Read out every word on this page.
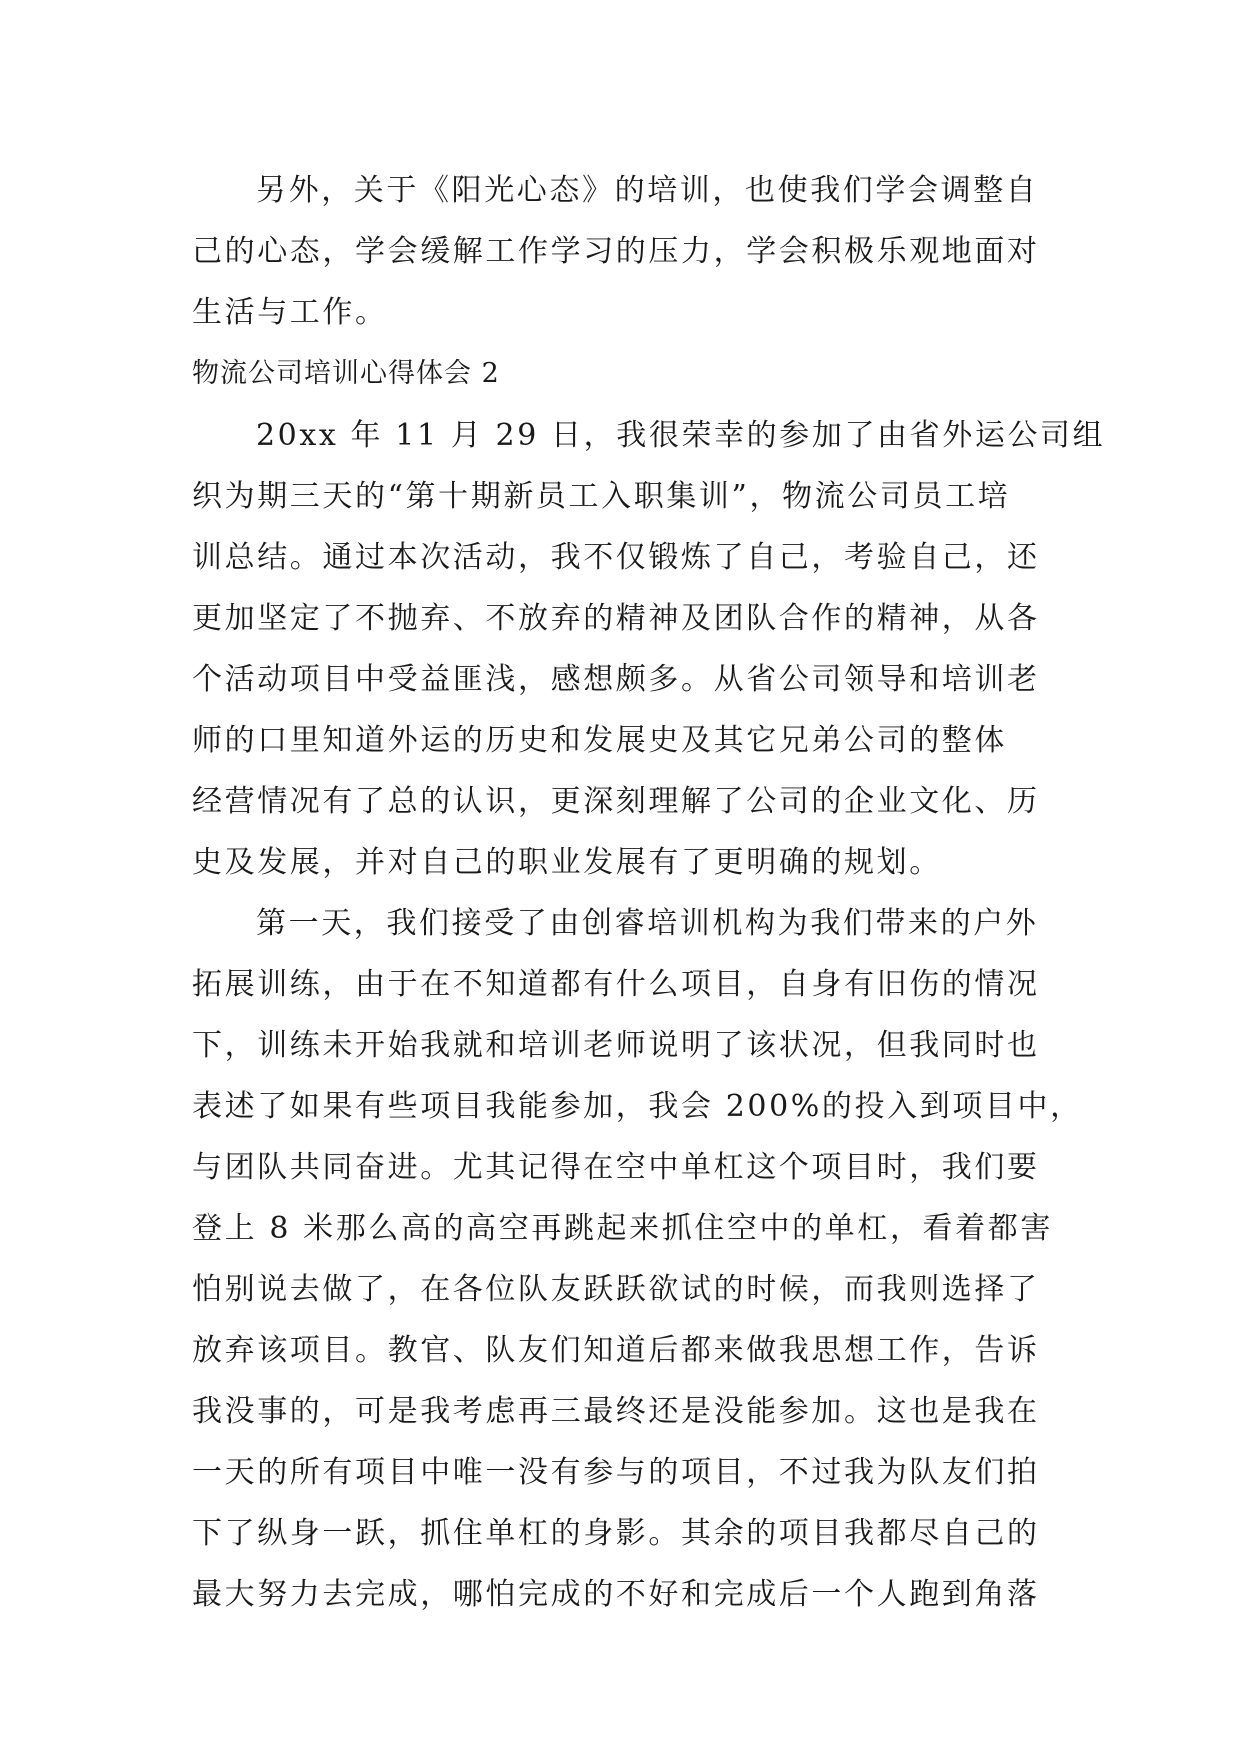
另外，关于《阳光心态》的培训，也使我们学会调整自
己的心态，学会缓解工作学习的压力，学会积极乐观地面对
生活与工作。
物流公司培训心得体会 2
20xx 年 11 月 29 日，我很荣幸的参加了由省外运公司组
织为期三天的“第十期新员工入职集训”，物流公司员工培
训总结。通过本次活动，我不仅锻炼了自己，考验自己，还
更加坚定了不抛弃、不放弃的精神及团队合作的精神，从各
个活动项目中受益匪浅，感想颇多。从省公司领导和培训老
师的口里知道外运的历史和发展史及其它兄弟公司的整体
经营情况有了总的认识，更深刻理解了公司的企业文化、历
史及发展，并对自己的职业发展有了更明确的规划。
第一天，我们接受了由创睿培训机构为我们带来的户外
拓展训练，由于在不知道都有什么项目，自身有旧伤的情况
下，训练未开始我就和培训老师说明了该状况，但我同时也
表述了如果有些项目我能参加，我会 200%的投入到项目中，
与团队共同奋进。尤其记得在空中单杠这个项目时，我们要
登上 8 米那么高的高空再跳起来抓住空中的单杠，看着都害
怕别说去做了，在各位队友跃跃欲试的时候，而我则选择了
放弃该项目。教官、队友们知道后都来做我思想工作，告诉
我没事的，可是我考虑再三最终还是没能参加。这也是我在
一天的所有项目中唯一没有参与的项目，不过我为队友们拍
下了纵身一跃，抓住单杠的身影。其余的项目我都尽自己的
最大努力去完成，哪怕完成的不好和完成后一个人跑到角落
